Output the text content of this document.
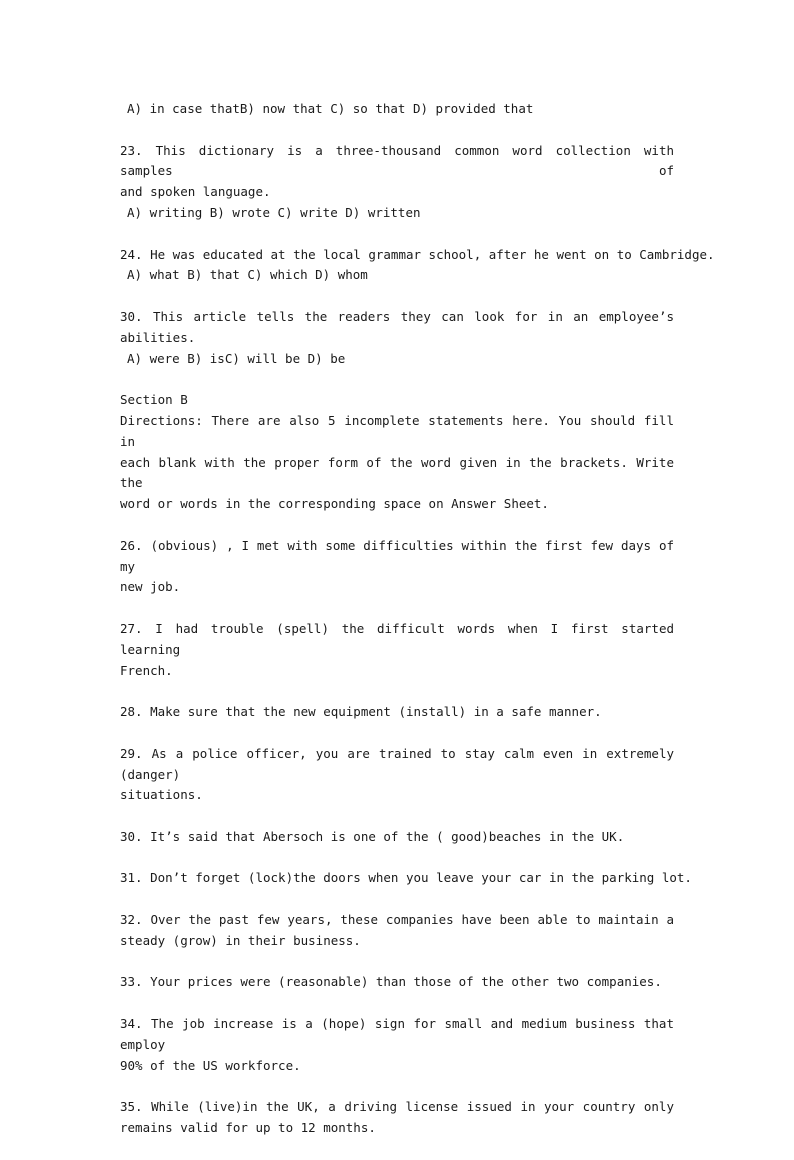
A) in case thatB) now that C) so that D) provided that
23. This dictionary is a three-thousand common word collection with samples of
and spoken language.
A) writing B) wrote C) write D) written
24. He was educated at the local grammar school, after he went on to Cambridge.
A) what B) that C) which D) whom
30. This article tells the readers they can look for in an employee’s
abilities.
A) were B) isC) will be D) be
Section B
Directions: There are also 5 incomplete statements here. You should fill in
each blank with the proper form of the word given in the brackets. Write the
word or words in the corresponding space on Answer Sheet.
26. (obvious) , I met with some difficulties within the first few days of my
new job.
27. I had trouble (spell) the difficult words when I first started learning
French.
28. Make sure that the new equipment (install) in a safe manner.
29. As a police officer, you are trained to stay calm even in extremely (danger)
situations.
30. It’s said that Abersoch is one of the ( good)beaches in the UK.
31. Don’t forget (lock)the doors when you leave your car in the parking lot.
32. Over the past few years, these companies have been able to maintain a
steady (grow) in their business.
33. Your prices were (reasonable) than those of the other two companies.
34. The job increase is a (hope) sign for small and medium business that employ
90% of the US workforce.
35. While (live)in the UK, a driving license issued in your country only
remains valid for up to 12 months.
